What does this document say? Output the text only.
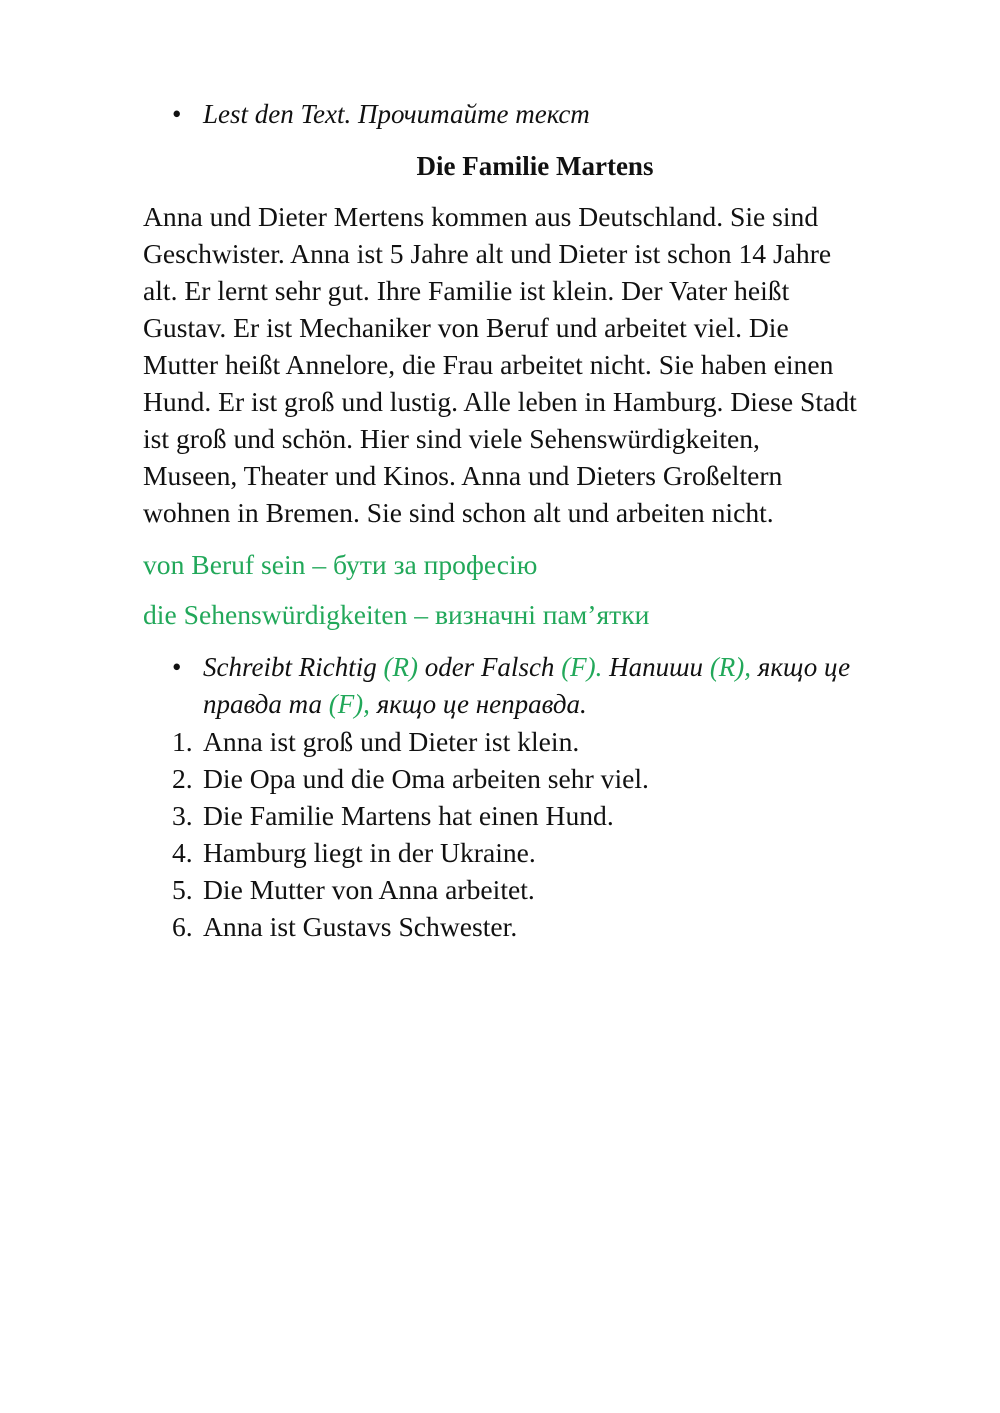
• Lest den Text. Прочитайте текст
Die Familie Martens
Anna und Dieter Mertens kommen aus Deutschland. Sie sind
Geschwister. Anna ist 5 Jahre alt und Dieter ist schon 14 Jahre
alt. Er lernt sehr gut. Ihre Familie ist klein. Der Vater heißt
Gustav. Er ist Mechaniker von Beruf und arbeitet viel. Die
Mutter heißt Annelore, die Frau arbeitet nicht. Sie haben einen
Hund. Er ist groß und lustig. Alle leben in Hamburg. Diese Stadt
ist groß und schön. Hier sind viele Sehenswürdigkeiten,
Museen, Theater und Kinos. Anna und Dieters Großeltern
wohnen in Bremen. Sie sind schon alt und arbeiten nicht.
von Beruf sein – бути за професію
die Sehenswürdigkeiten – визначні пам’ятки
• Schreibt Richtig (R) oder Falsch (F). Напиши (R), якщо це
правда та (F), якщо це неправда.
1. Anna ist groß und Dieter ist klein.
2. Die Opa und die Oma arbeiten sehr viel.
3. Die Familie Martens hat einen Hund.
4. Hamburg liegt in der Ukraine.
5. Die Mutter von Anna arbeitet.
6. Anna ist Gustavs Schwester.
